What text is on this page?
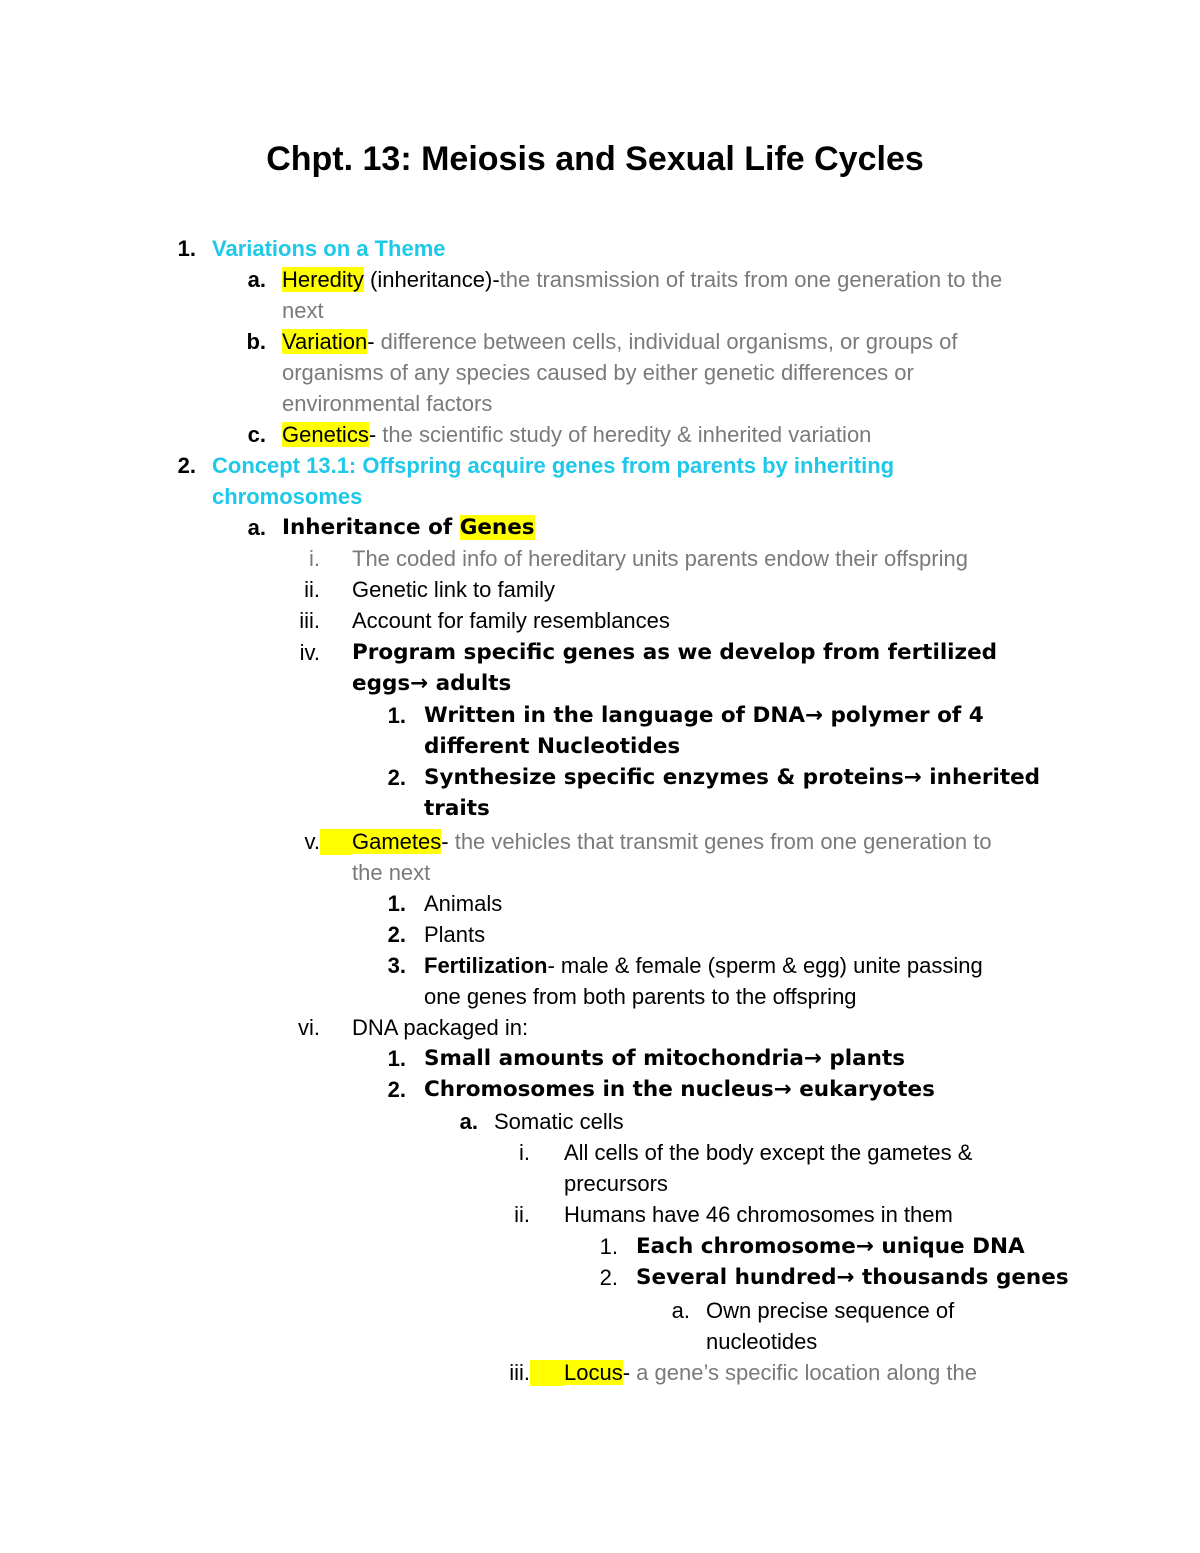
Chpt. 13: Meiosis and Sexual Life Cycles
1. Variations on a Theme
a. Heredity (inheritance)-the transmission of traits from one generation to the
next
b. Variation- difference between cells, individual organisms, or groups of
organisms of any species caused by either genetic differences or
environmental factors
c. Genetics- the scientific study of heredity & inherited variation
2. Concept 13.1: Offspring acquire genes from parents by inheriting
chromosomes
a. Inheritance of Genes
i. The coded info of hereditary units parents endow their offspring
ii. Genetic link to family
iii. Account for family resemblances
iv. Program specific genes as we develop from fertilized
eggs→ adults
1. Written in the language of DNA→ polymer of 4
different Nucleotides
2. Synthesize specific enzymes & proteins→ inherited
traits
v. Gametes- the vehicles that transmit genes from one generation to
the next
1. Animals
2. Plants
3. Fertilization- male & female (sperm & egg) unite passing
one genes from both parents to the offspring
vi. DNA packaged in:
1. Small amounts of mitochondria→ plants
2. Chromosomes in the nucleus→ eukaryotes
a. Somatic cells
i. All cells of the body except the gametes &
precursors
ii. Humans have 46 chromosomes in them
1. Each chromosome→ unique DNA
2. Several hundred→ thousands genes
a. Own precise sequence of
nucleotides
iii. Locus- a gene’s specific location along the
